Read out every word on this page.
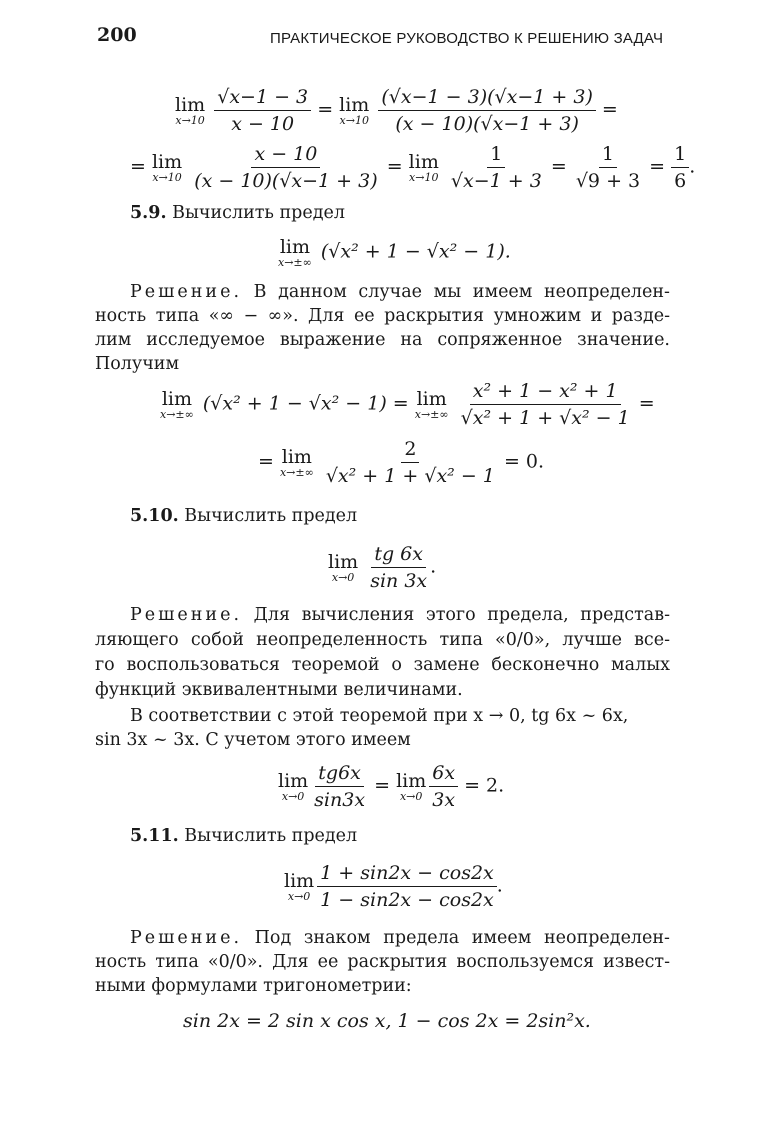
200	ПРАКТИЧЕСКОЕ РУКОВОДСТВО К РЕШЕНИЮ ЗАДАЧ
lim
x→10
$\frac{√x-1 - 3}{x - 10} = \lim$
x→10
$\frac{(√x-1 - 3)(√x-1 + 3)}{(x - 10)(√x-1 + 3)}$ =
= lim
x→10
$\frac{x - 10}{(x - 10)(√x-1 + 3)} = \lim$
x→10
$\frac{1}{√x-1 + 3} = \frac{1}{√9 + 3} = \frac{1}{6}$ .
5.9. Вычислить предел
lim
x→±∞ (√x² + 1 − √x² − 1).
Решение. В данном случае мы имеем неопределен-
ность типа «∞ − ∞». Для ее раскрытия умножим и разде-
лим исследуемое выражение на сопряженное значение.
Получим
lim
x→±∞ (√x² + 1 − √x² − 1) = lim
x→±∞
$\frac{\text{x² + 1 − x² + 1}}{\text{√x² + 1 + √x² − 1}}$ =
= lim
x→±∞
$\frac{2}{\text{√x² + 1 + √x² − 1}} = 0$.
5.10. Вычислить предел
lim
x→0
$\frac{tg 6x}{\sin 3x}$ .
Решение. Для вычисления этого предела, представ-
ляющего собой неопределенность типа «0/0», лучше все-
го воспользоваться теоремой о замене бесконечно малых
функций эквивалентными величинами.
В соответствии с этой теоремой при x → 0, tg 6x ~ 6x,
sin 3x ~ 3x. С учетом этого имеем
lim
$x\to 0 \frac{tg6x}{\sin 3x} = \lim$
$x\to 0 \frac{6x}{3x} = 2$.
5.11. Вычислить предел
lim
$x\to 0 \frac{1 + \sin 2x - \cos 2x}{1 - \sin 2x - \cos 2x}$ .
Решение. Под знаком предела имеем неопределен-
ность типа «0/0». Для ее раскрытия воспользуемся извест-
ными формулами тригонометрии:
sin 2x = 2 sin x cos x, 1 − cos 2x = 2sin²x.
